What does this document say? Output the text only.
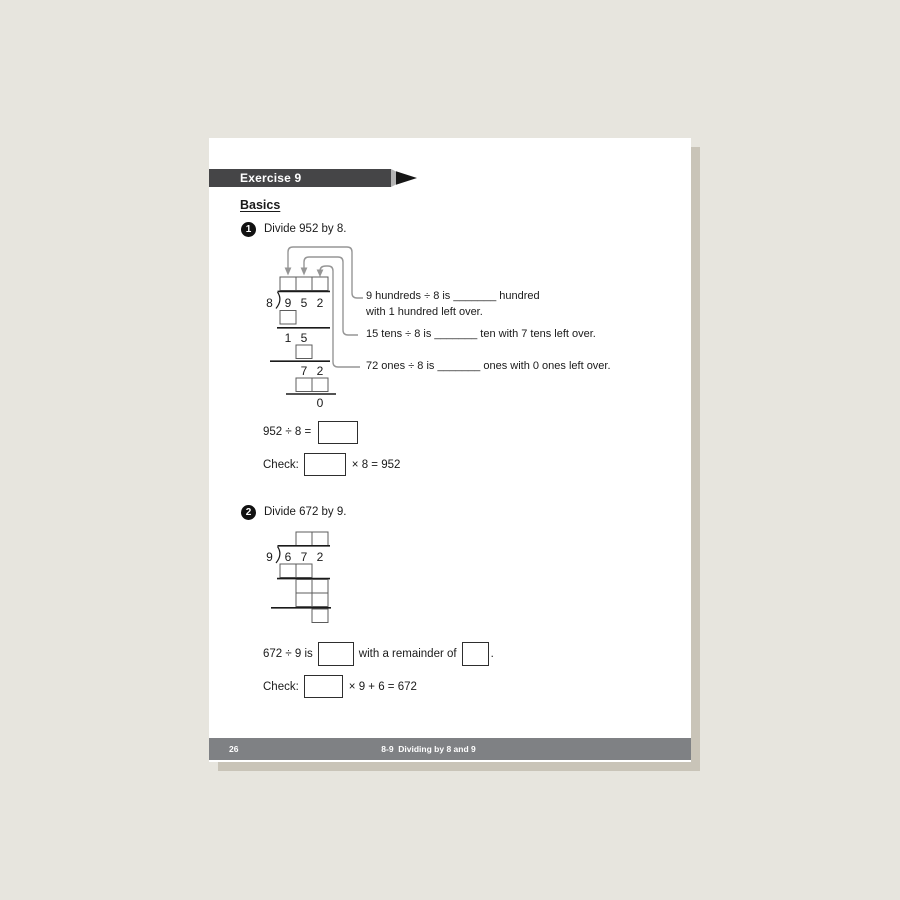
Exercise 9
Basics
1	Divide 952 by 8.
8 9 5 2
1 5
7 2
0
9 hundreds ÷ 8 is _______ hundred
with 1 hundred left over.
15 tens ÷ 8 is _______ ten with 7 tens left over.
72 ones ÷ 8 is _______ ones with 0 ones left over.
952 ÷ 8 =
Check:	× 8 = 952
2	Divide 672 by 9.
9 6 7 2
672 ÷ 9 is	with a remainder of	.
Check:	× 9 + 6 = 672
26	8-9  Dividing by 8 and 9
